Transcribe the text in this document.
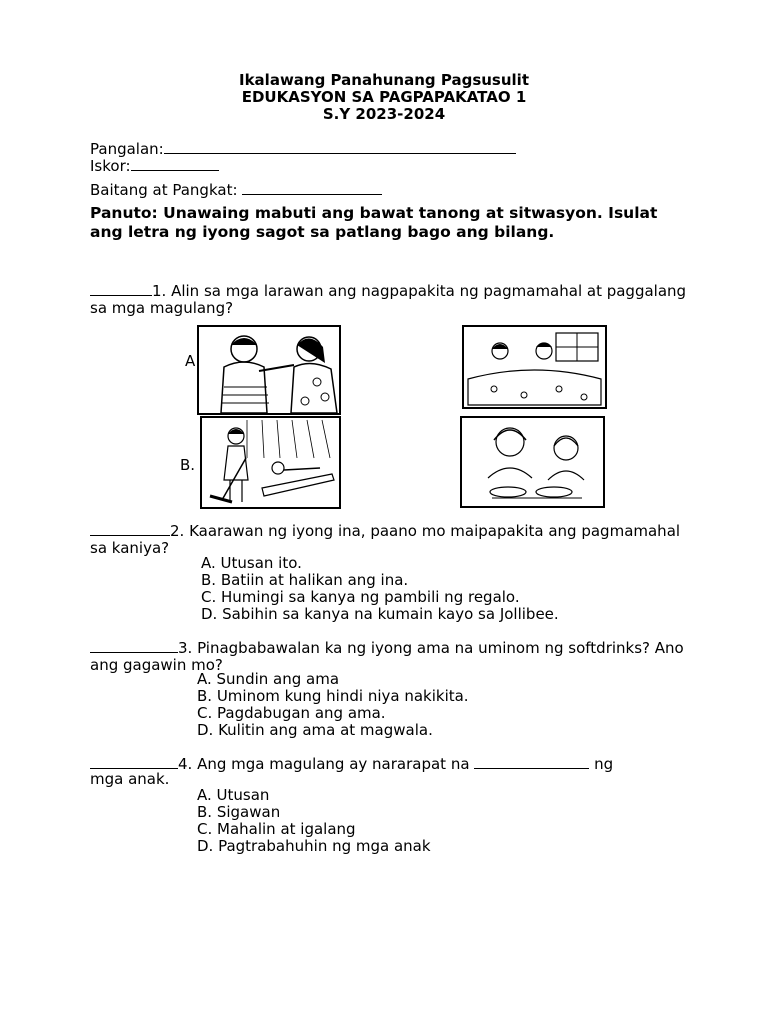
Ikalawang Panahunang Pagsusulit
EDUKASYON SA PAGPAPAKATAO 1
S.Y 2023-2024
Pangalan:
Iskor:
Baitang at Pangkat:
Panuto: Unawaing mabuti ang bawat tanong at sitwasyon. Isulat ang letra ng iyong sagot sa patlang bago ang bilang.
1. Alin sa mga larawan ang nagpapakita ng pagmamahal at paggalang sa mga magulang?
A
B.
2. Kaarawan ng iyong ina, paano mo maipapakita ang pagmamahal sa kaniya?
A. Utusan ito.
B. Batiin at halikan ang ina.
C. Humingi sa kanya ng pambili ng regalo.
D. Sabihin sa kanya na kumain kayo sa Jollibee.
3. Pinagbabawalan ka ng iyong ama na uminom ng softdrinks? Ano ang gagawin mo?
A. Sundin ang ama
B. Uminom kung hindi niya nakikita.
C. Pagdabugan ang ama.
D. Kulitin ang ama at magwala.
4. Ang mga magulang ay nararapat na	ng
mga anak.
A. Utusan
B. Sigawan
C. Mahalin at igalang
D. Pagtrabahuhin ng mga anak
